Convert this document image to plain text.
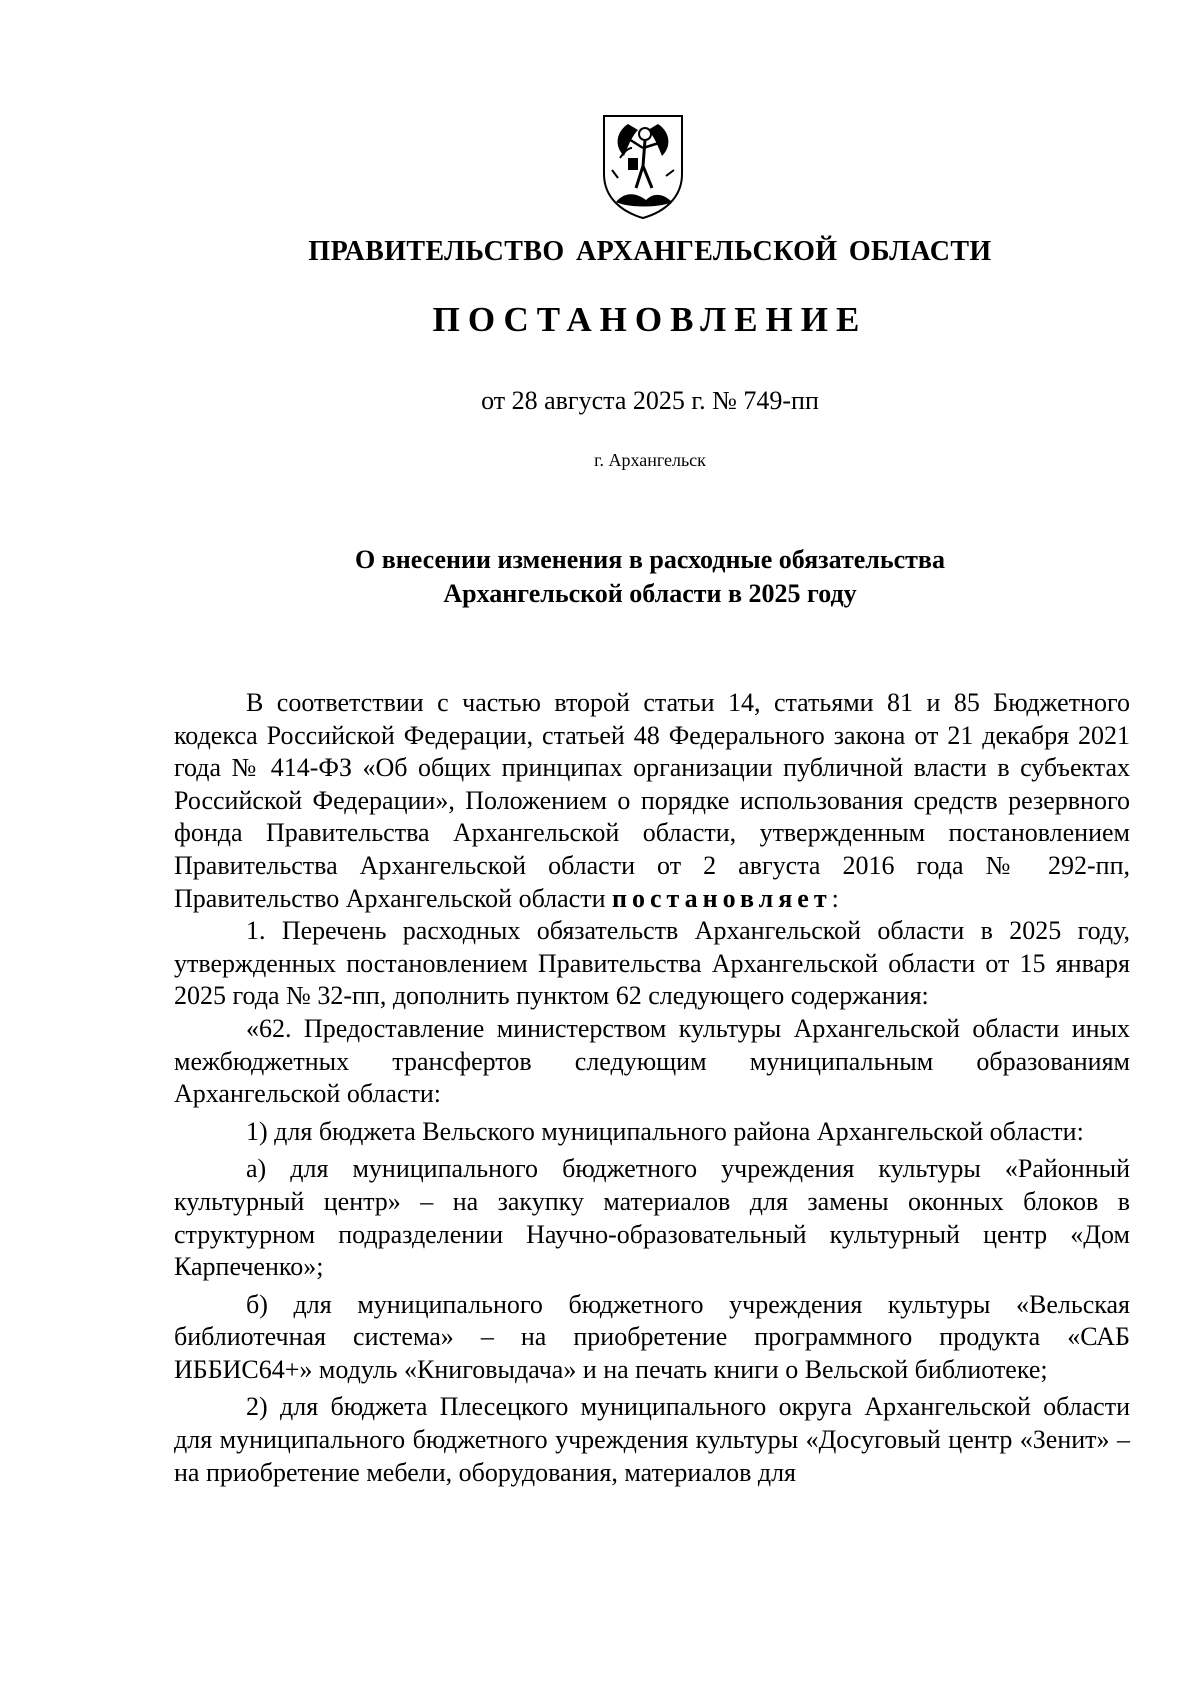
ПРАВИТЕЛЬСТВО АРХАНГЕЛЬСКОЙ ОБЛАСТИ
ПОСТАНОВЛЕНИЕ
от 28 августа 2025 г. № 749-пп
г. Архангельск
О внесении изменения в расходные обязательства
Архангельской области в 2025 году

В соответствии с частью второй статьи 14, статьями 81 и 85 Бюджетного кодекса Российской Федерации, статьей 48 Федерального закона от 21 декабря 2021 года № 414-ФЗ «Об общих принципах организации публичной власти в субъектах Российской Федерации», Положением о порядке использования средств резервного фонда Правительства Архангельской области, утвержденным постановлением Правительства Архангельской области от 2 августа 2016 года № 292-пп, Правительство Архангельской области постановляет:

1. Перечень расходных обязательств Архангельской области в 2025 году, утвержденных постановлением Правительства Архангельской области от 15 января 2025 года № 32-пп, дополнить пунктом 62 следующего содержания:

«62. Предоставление министерством культуры Архангельской области иных межбюджетных трансфертов следующим муниципальным образованиям Архангельской области:

1) для бюджета Вельского муниципального района Архангельской области:

а) для муниципального бюджетного учреждения культуры «Районный культурный центр» – на закупку материалов для замены оконных блоков в структурном подразделении Научно-образовательный культурный центр «Дом Карпеченко»;

б) для муниципального бюджетного учреждения культуры «Вельская библиотечная система» – на приобретение программного продукта «САБ ИББИС64+» модуль «Книговыдача» и на печать книги о Вельской библиотеке;

2) для бюджета Плесецкого муниципального округа Архангельской области для муниципального бюджетного учреждения культуры «Досуговый центр «Зенит» – на приобретение мебели, оборудования, материалов для
